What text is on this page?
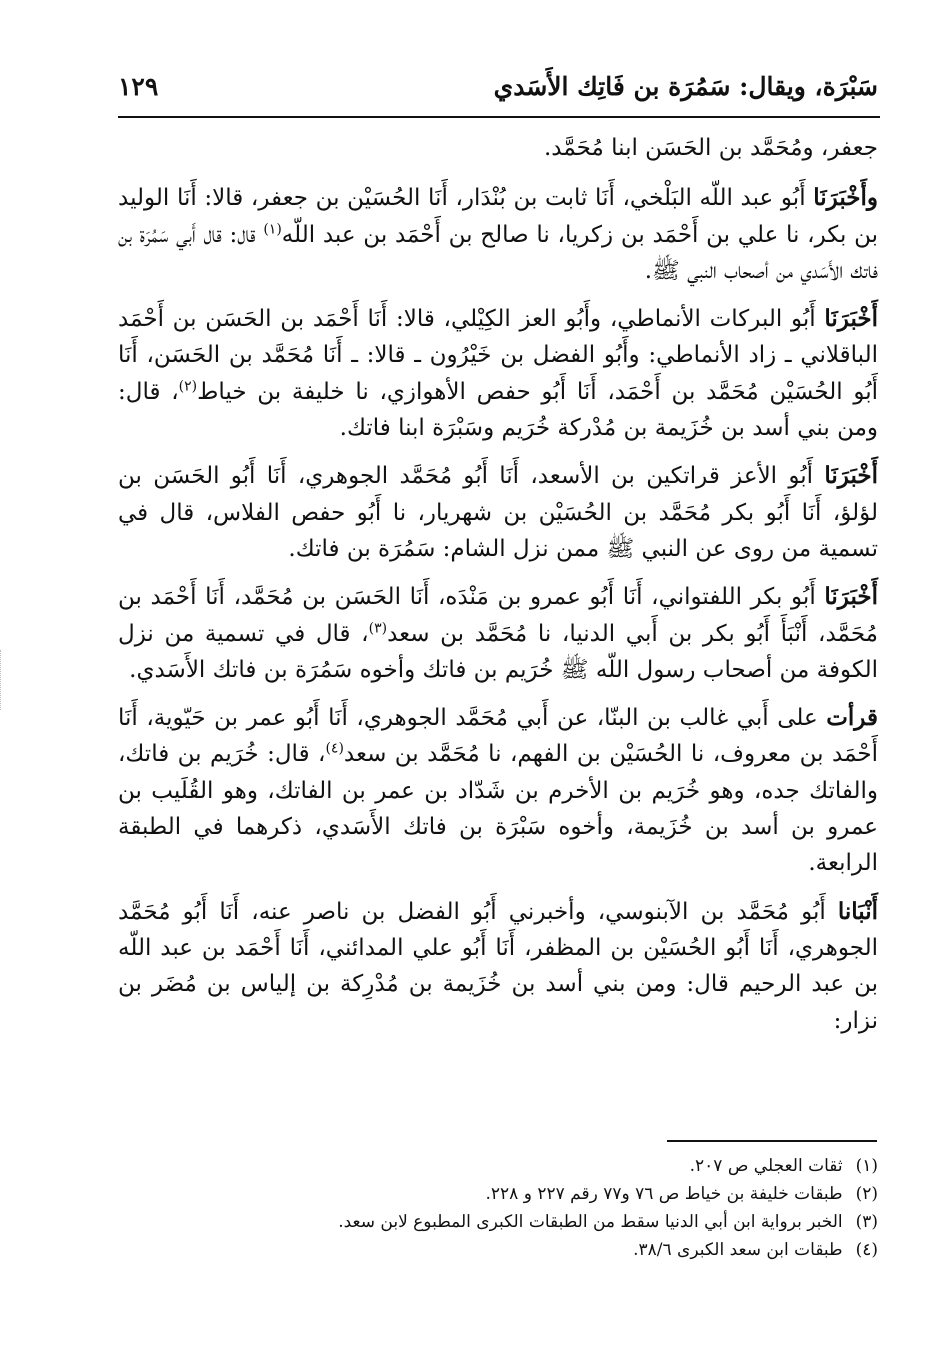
سَبْرَة، ويقال: سَمُرَة بن فَاتِك الأَسَدي
١٢٩

جعفر، ومُحَمَّد بن الحَسَن ابنا مُحَمَّد.

وأَخْبَرَنَا أَبُو عبد اللّه البَلْخي، أَنَا ثابت بن بُنْدَار، أَنَا الحُسَيْن بن جعفر، قالا: أَنَا الوليد بن بكر، نا علي بن أَحْمَد بن زكريا، نا صالح بن أَحْمَد بن عبد اللّه$^{(١)}$ قال: قال أَبي سَمُرَة بن فاتك الأَسَدي من أصحاب النبي ﷺ.

أَخْبَرَنَا أَبُو البركات الأنماطي، وأَبُو العز الكِيْلي، قالا: أَنَا أَحْمَد بن الحَسَن بن أَحْمَد الباقلاني ـ زاد الأنماطي: وأَبُو الفضل بن خَيْرُون ـ قالا: ـ أَنَا مُحَمَّد بن الحَسَن، أَنَا أَبُو الحُسَيْن مُحَمَّد بن أَحْمَد، أَنَا أَبُو حفص الأهوازي، نا خليفة بن خياط$^{(٢)}$، قال: ومن بني أسد بن خُزَيمة بن مُدْركة خُرَيم وسَبْرَة ابنا فاتك.

أَخْبَرَنَا أَبُو الأعز قراتكين بن الأسعد، أَنَا أَبُو مُحَمَّد الجوهري، أَنَا أَبُو الحَسَن بن لؤلؤ، أَنَا أَبُو بكر مُحَمَّد بن الحُسَيْن بن شهريار، نا أَبُو حفص الفلاس، قال في تسمية من روى عن النبي ﷺ ممن نزل الشام: سَمُرَة بن فاتك.

أَخْبَرَنَا أَبُو بكر اللفتواني، أَنَا أَبُو عمرو بن مَنْدَه، أَنَا الحَسَن بن مُحَمَّد، أَنَا أَحْمَد بن مُحَمَّد، أَنْبَأَ أَبُو بكر بن أَبي الدنيا، نا مُحَمَّد بن سعد$^{(٣)}$، قال في تسمية من نزل الكوفة من أصحاب رسول اللّه ﷺ خُرَيم بن فاتك وأخوه سَمُرَة بن فاتك الأَسَدي.

قرأت على أَبي غالب بن البنّا، عن أَبي مُحَمَّد الجوهري، أَنَا أَبُو عمر بن حَيّوية، أَنَا أَحْمَد بن معروف، نا الحُسَيْن بن الفهم، نا مُحَمَّد بن سعد$^{(٤)}$، قال: خُرَيم بن فاتك، والفاتك جده، وهو خُرَيم بن الأخرم بن شَدّاد بن عمر بن الفاتك، وهو القُلَيب بن عمرو بن أسد بن خُزَيمة، وأخوه سَبْرَة بن فاتك الأَسَدي، ذكرهما في الطبقة الرابعة.

أَنْبَانا أَبُو مُحَمَّد بن الآبنوسي، وأخبرني أَبُو الفضل بن ناصر عنه، أَنَا أَبُو مُحَمَّد الجوهري، أَنَا أَبُو الحُسَيْن بن المظفر، أَنَا أَبُو علي المدائني، أَنَا أَحْمَد بن عبد اللّه بن عبد الرحيم قال: ومن بني أسد بن خُزَيمة بن مُدْرِكة بن إلياس بن مُضَر بن نزار:

(١) ثقات العجلي ص ٢٠٧.

(٢) طبقات خليفة بن خياط ص ٧٦ و٧٧ رقم ٢٢٧ و ٢٢٨.

(٣) الخبر برواية ابن أبي الدنيا سقط من الطبقات الكبرى المطبوع لابن سعد.

(٤) طبقات ابن سعد الكبرى ٣٨/٦.
